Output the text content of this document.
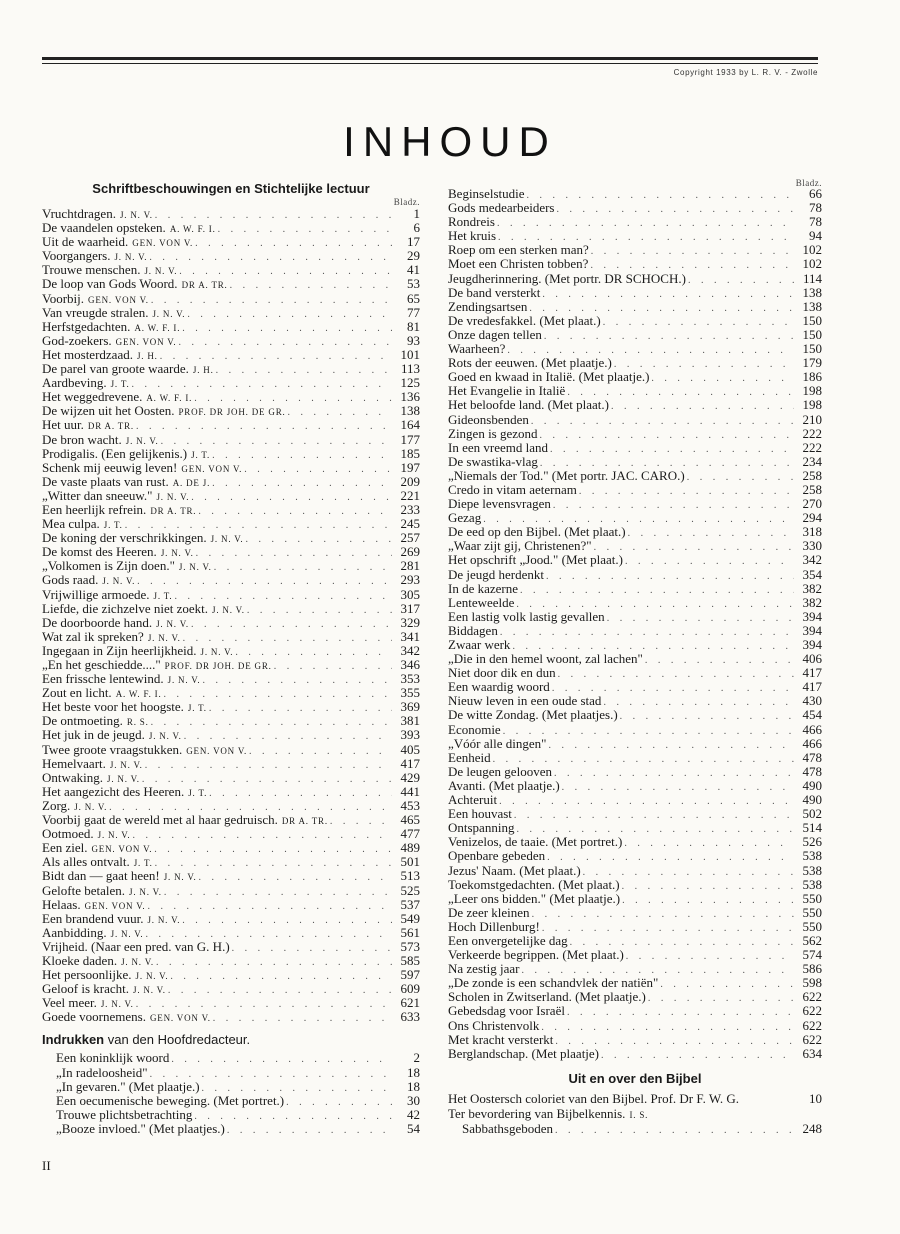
Copyright 1933 by L. R. V. - Zwolle
INHOUD
Schriftbeschouwingen en Stichtelijke lectuur
Bladz.
Vruchtdragen. J. N. V. . . .	1
De vaandelen opsteken. A. W. F. I. . . .	6
Uit de waarheid. GEN. VON V. . . .	17
Voorgangers. J. N. V. . . .	29
Trouwe menschen. J. N. V. . . .	41
De loop van Gods Woord. DR A. TR. . . .	53
Voorbij. GEN. VON V. . . .	65
Van vreugde stralen. J. N. V. . . .	77
Herfstgedachten. A. W. F. I. . . .	81
God-zoekers. GEN. VON V. . . .	93
Het mosterdzaad. J. H. . . .	101
De parel van groote waarde. J. H. . . .	113
Aardbeving. J. T. . . .	125
Het weggedrevene. A. W. F. I. . . .	136
De wijzen uit het Oosten. PROF. DR JOH. DE GR. . . .	138
Het uur. DR A. TR. . . .	164
De bron wacht. J. N. V. . . .	177
Prodigalis. (Een gelijkenis.) J. T. . . .	185
Schenk mij eeuwig leven! GEN. VON V. . . .	197
De vaste plaats van rust. A. DE J. . . .	209
„Witter dan sneeuw." J. N. V. . . .	221
Een heerlijk refrein. DR A. TR. . . .	233
Mea culpa. J. T. . . .	245
De koning der verschrikkingen. J. N. V. . . .	257
De komst des Heeren. J. N. V. . . .	269
„Volkomen is Zijn doen." J. N. V. . . .	281
Gods raad. J. N. V. . . .	293
Vrijwillige armoede. J. T. . . .	305
Liefde, die zichzelve niet zoekt. J. N. V. . . .	317
De doorboorde hand. J. N. V. . . .	329
Wat zal ik spreken? J. N. V. . . .	341
Ingegaan in Zijn heerlijkheid. J. N. V. . . .	342
„En het geschiedde...." PROF. DR JOH. DE GR. . . .	346
Een frissche lentewind. J. N. V. . . .	353
Zout en licht. A. W. F. I. . . .	355
Het beste voor het hoogste. J. T. . . .	369
De ontmoeting. R. S. . . .	381
Het juk in de jeugd. J. N. V. . . .	393
Twee groote vraagstukken. GEN. VON V. . . .	405
Hemelvaart. J. N. V. . . .	417
Ontwaking. J. N. V. . . .	429
Het aangezicht des Heeren. J. T. . . .	441
Zorg. J. N. V. . . .	453
Voorbij gaat de wereld met al haar gedruisch. DR A. TR. . . .	465
Ootmoed. J. N. V. . . .	477
Een ziel. GEN. VON V. . . .	489
Als alles ontvalt. J. T. . . .	501
Bidt dan — gaat heen! J. N. V. . . .	513
Gelofte betalen. J. N. V. . . .	525
Helaas. GEN. VON V. . . .	537
Een brandend vuur. J. N. V. . . .	549
Aanbidding. J. N. V. . . .	561
Vrijheid. (Naar een pred. van G. H.) . . .	573
Kloeke daden. J. N. V. . . .	585
Het persoonlijke. J. N. V. . . .	597
Geloof is kracht. J. N. V. . . .	609
Veel meer. J. N. V. . . .	621
Goede voornemens. GEN. VON V. . . .	633
Indrukken van den Hoofdredacteur.
Een koninklijk woord . . .	2
„In radeloosheid" . . .	18
„In gevaren." (Met plaatje.) . . .	18
Een oecumenische beweging. (Met portret.) . . .	30
Trouwe plichtsbetrachting . . .	42
„Booze invloed." (Met plaatjes.) . . .	54
Bladz.
Beginselstudie . . .	66
Gods medearbeiders . . .	78
Rondreis . . .	78
Het kruis . . .	94
Roep om een sterken man? . . .	102
Moet een Christen tobben? . . .	102
Jeugdherinnering. (Met portr. DR SCHOCH.) . . .	114
De band versterkt . . .	138
Zendingsartsen . . .	138
De vredesfakkel. (Met plaat.) . . .	150
Onze dagen tellen . . .	150
Waarheen? . . .	150
Rots der eeuwen. (Met plaatje.) . . .	179
Goed en kwaad in Italië. (Met plaatje.) . . .	186
Het Evangelie in Italië . . .	198
Het beloofde land. (Met plaat.) . . .	198
Gideonsbenden . . .	210
Zingen is gezond . . .	222
In een vreemd land . . .	222
De swastika-vlag . . .	234
„Niemals der Tod." (Met portr. JAC. CARO.) . . .	258
Credo in vitam aeternam . . .	258
Diepe levensvragen . . .	270
Gezag . . .	294
De eed op den Bijbel. (Met plaat.) . . .	318
„Waar zijt gij, Christenen?" . . .	330
Het opschrift „Jood." (Met plaat.) . . .	342
De jeugd herdenkt . . .	354
In de kazerne . . .	382
Lenteweelde . . .	382
Een lastig volk lastig gevallen . . .	394
Biddagen . . .	394
Zwaar werk . . .	394
„Die in den hemel woont, zal lachen" . . .	406
Niet door dik en dun . . .	417
Een waardig woord . . .	417
Nieuw leven in een oude stad . . .	430
De witte Zondag. (Met plaatjes.) . . .	454
Economie . . .	466
„Vóór alle dingen" . . .	466
Eenheid . . .	478
De leugen gelooven . . .	478
Avanti. (Met plaatje.) . . .	490
Achteruit . . .	490
Een houvast . . .	502
Ontspanning . . .	514
Venizelos, de taaie. (Met portret.) . . .	526
Openbare gebeden . . .	538
Jezus' Naam. (Met plaat.) . . .	538
Toekomstgedachten. (Met plaat.) . . .	538
„Leer ons bidden." (Met plaatje.) . . .	550
De zeer kleinen . . .	550
Hoch Dillenburg! . . .	550
Een onvergetelijke dag . . .	562
Verkeerde begrippen. (Met plaat.) . . .	574
Na zestig jaar . . .	586
„De zonde is een schandvlek der natiën" . . .	598
Scholen in Zwitserland. (Met plaatje.) . . .	622
Gebedsdag voor Israël . . .	622
Ons Christenvolk . . .	622
Met kracht versterkt . . .	622
Berglandschap. (Met plaatje) . . .	634
Uit en over den Bijbel
Het Oostersch coloriet van den Bijbel. Prof. Dr F. W. G.	10
Ter bevordering van Bijbelkennis. I. S.
Sabbathsgeboden . . .	248
II
